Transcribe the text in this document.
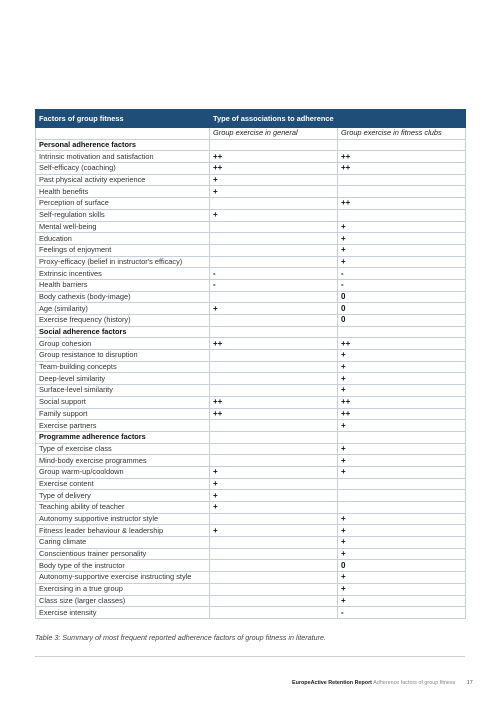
Factors of group fitness	Type of associations to adherence	
	Group exercise in general	Group exercise in fitness clubs
Personal adherence factors		
Intrinsic motivation and satisfaction	++	++
Self-efficacy (coaching)	++	++
Past physical activity experience	+	
Health benefits	+	
Perception of surface		++
Self-regulation skills	+	
Mental well-being		+
Education		+
Feelings of enjoyment		+
Proxy-efficacy (belief in instructor's efficacy)		+
Extrinsic incentives	-	-
Health barriers	-	-
Body cathexis (body-image)		0
Age (similarity)	+	0
Exercise frequency (history)		0
Social adherence factors		
Group cohesion	++	++
Group resistance to disruption		+
Team-building concepts		+
Deep-level similarity		+
Surface-level similarity		+
Social support	++	++
Family support	++	++
Exercise partners		+
Programme adherence factors		
Type of exercise class		+
Mind-body exercise programmes		+
Group warm-up/cooldown	+	+
Exercise content	+	
Type of delivery	+	
Teaching ability of teacher	+	
Autonomy supportive instructor style		+
Fitness leader behaviour & leadership	+	+
Caring climate		+
Conscientious trainer personality		+
Body type of the instructor		0
Autonomy-supportive exercise instructing style		+
Exercising in a true group		+
Class size (larger classes)		+
Exercise intensity		-
Table 3: Summary of most frequent reported adherence factors of group fitness in literature.
EuropeActive Retention Report Adherence factors of group fitness 17
